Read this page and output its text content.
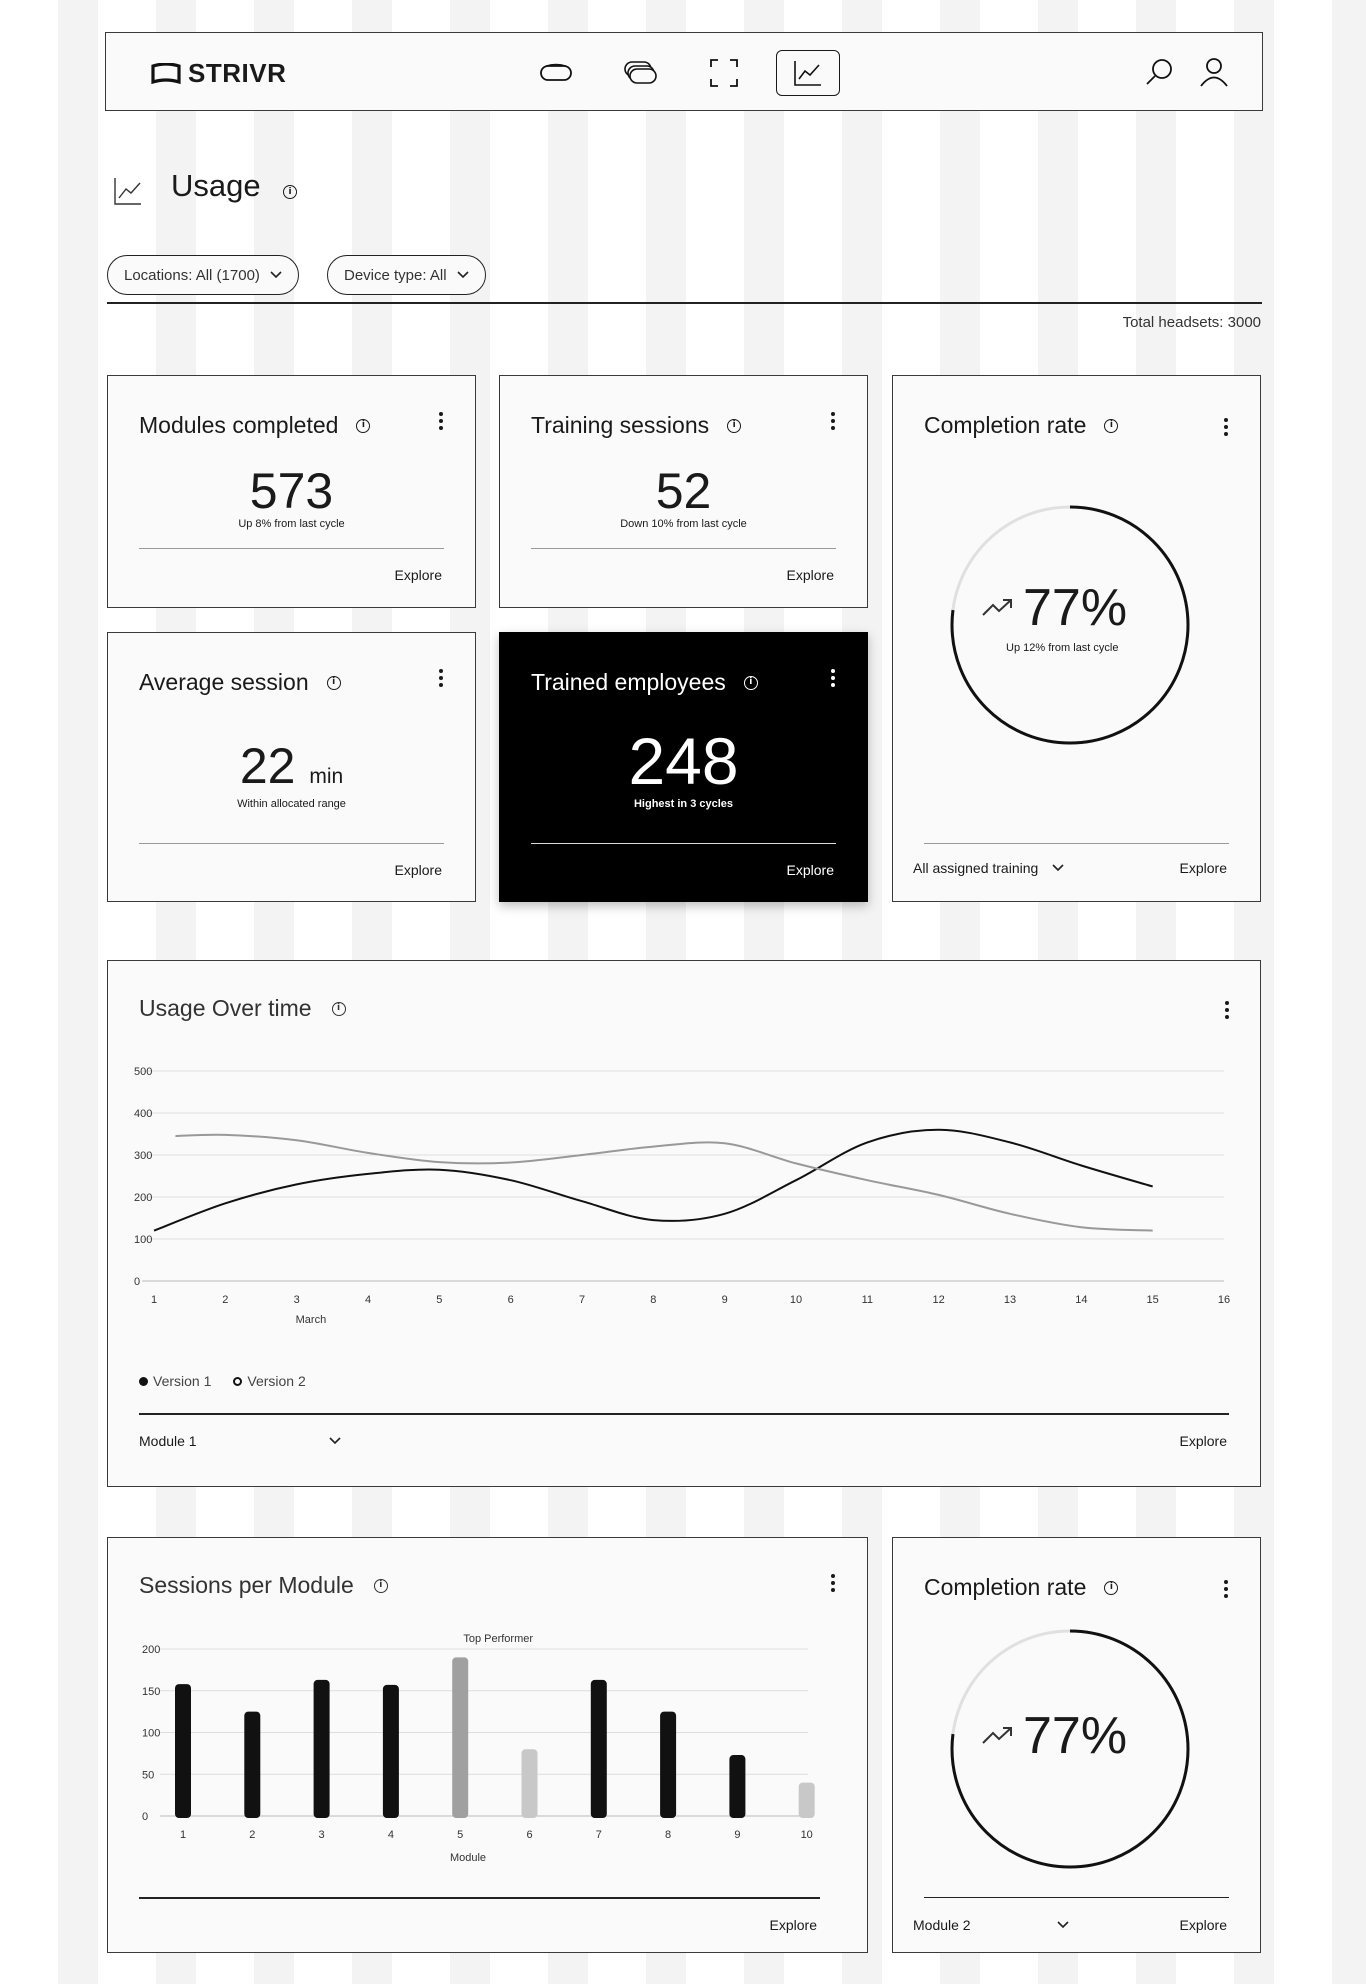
STRIVR
Usage	i
Locations: All (1700)	Device type: All
Total headsets: 3000
Modules completed	i
573
Up 8% from last cycle
Explore
Training sessions	i
52
Down 10% from last cycle
Explore
Average session	i
22 min
Within allocated range
Explore
Trained employees	i
248
Highest in 3 cycles
Explore
Completion rate	i
77%
Up 12% from last cycle
All assigned training	Explore
Usage Over time	i
0
100
200
300
400
500
1	2	3	4	5	6	7	8	9	10	11	12	13	14	15	16
March
Version 1	Version 2
Module 1	Explore
Sessions per Module	i
0
50
100
150
200
1	2	3	4	5	6	7	8	9	10
Top Performer
Module
Explore
Completion rate	i
77%
Module 2	Explore
